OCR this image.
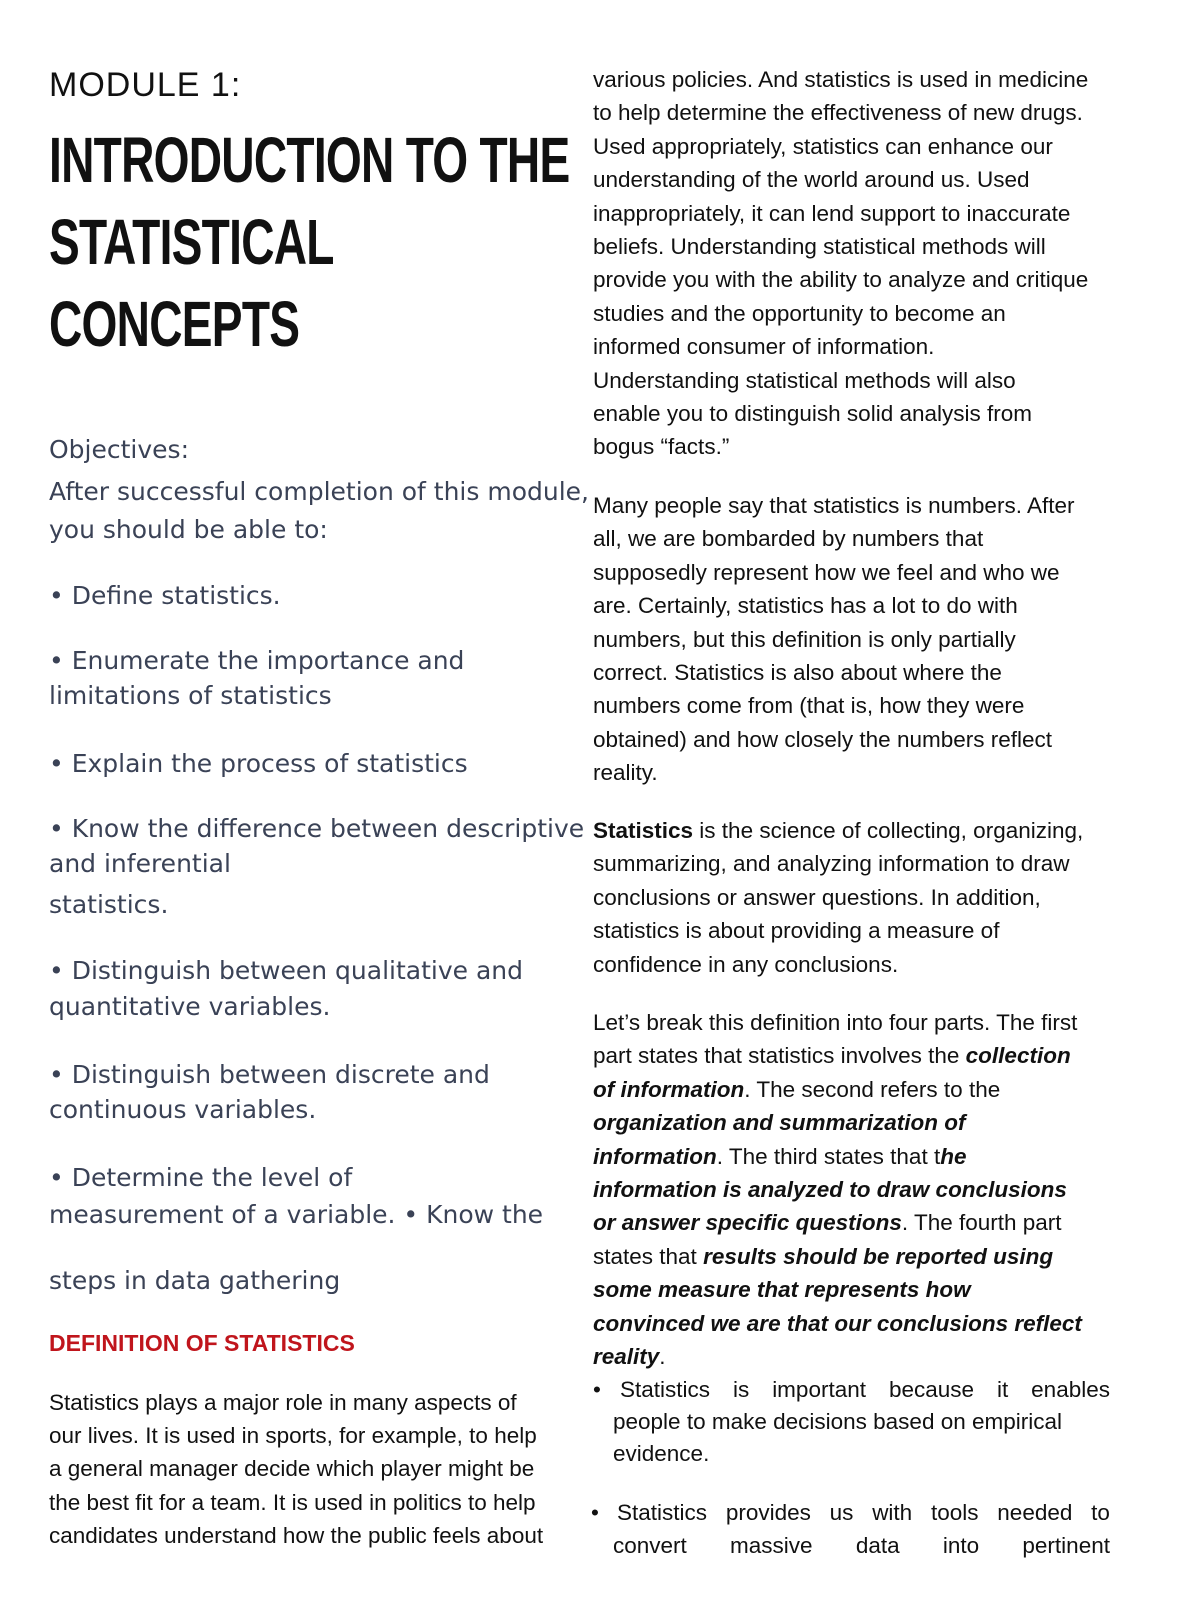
MODULE 1:
INTRODUCTION TO THE
STATISTICAL
CONCEPTS
Objectives:
After successful completion of this module,
you should be able to:
• Define statistics.
• Enumerate the importance and
limitations of statistics
• Explain the process of statistics
• Know the difference between descriptive
and inferential
statistics.
• Distinguish between qualitative and
quantitative variables.
• Distinguish between discrete and
continuous variables.
• Determine the level of
measurement of a variable. • Know the
steps in data gathering
DEFINITION OF STATISTICS
Statistics plays a major role in many aspects of
our lives. It is used in sports, for example, to help
a general manager decide which player might be
the best fit for a team. It is used in politics to help
candidates understand how the public feels about
various policies. And statistics is used in medicine
to help determine the effectiveness of new drugs.
Used appropriately, statistics can enhance our
understanding of the world around us. Used
inappropriately, it can lend support to inaccurate
beliefs. Understanding statistical methods will
provide you with the ability to analyze and critique
studies and the opportunity to become an
informed consumer of information.
Understanding statistical methods will also
enable you to distinguish solid analysis from
bogus “facts.”
Many people say that statistics is numbers. After
all, we are bombarded by numbers that
supposedly represent how we feel and who we
are. Certainly, statistics has a lot to do with
numbers, but this definition is only partially
correct. Statistics is also about where the
numbers come from (that is, how they were
obtained) and how closely the numbers reflect
reality.
Statistics is the science of collecting, organizing,
summarizing, and analyzing information to draw
conclusions or answer questions. In addition,
statistics is about providing a measure of
confidence in any conclusions.
Let’s break this definition into four parts. The first
part states that statistics involves the collection
of information. The second refers to the
organization and summarization of
information. The third states that the
information is analyzed to draw conclusions
or answer specific questions. The fourth part
states that results should be reported using
some measure that represents how
convinced we are that our conclusions reflect
reality.
• Statistics is important because it enables
people to make decisions based on empirical
evidence.
• Statistics provides us with tools needed to
convert massive data into pertinent
